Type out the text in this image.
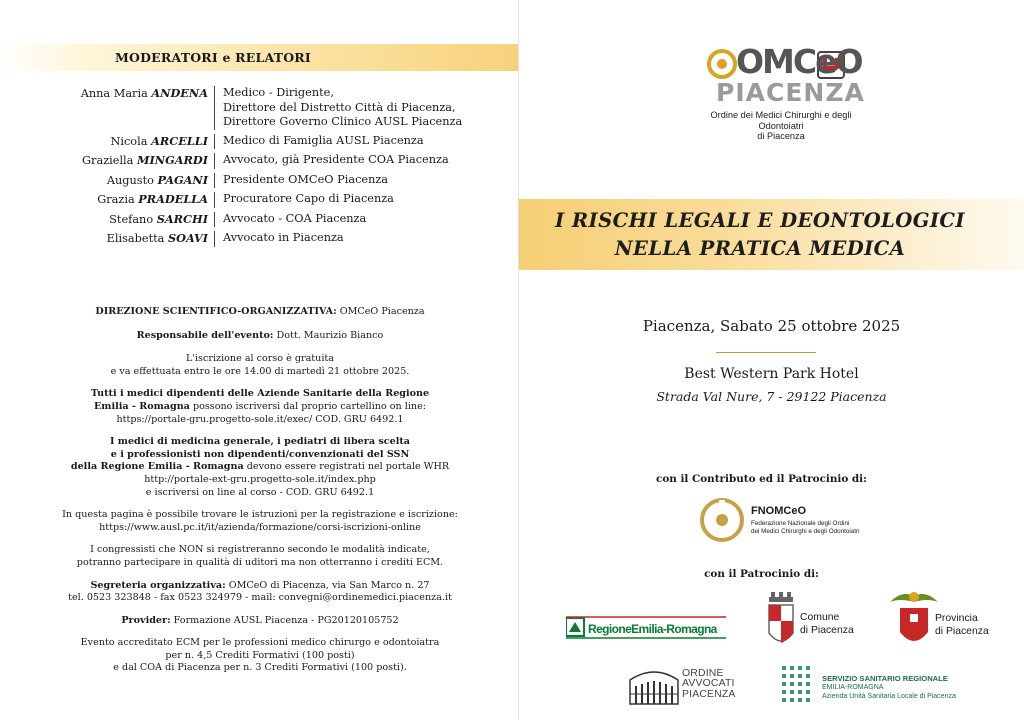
MODERATORI e RELATORI
Anna Maria ANDENA	Medico - Dirigente,
Direttore del Distretto Città di Piacenza,
Direttore Governo Clinico AUSL Piacenza
Nicola ARCELLI	Medico di Famiglia AUSL Piacenza
Graziella MINGARDI	Avvocato, già Presidente COA Piacenza
Augusto PAGANI	Presidente OMCeO Piacenza
Grazia PRADELLA	Procuratore Capo di Piacenza
Stefano SARCHI	Avvocato - COA Piacenza
Elisabetta SOAVI	Avvocato in Piacenza

DIREZIONE SCIENTIFICO-ORGANIZZATIVA: OMCeO Piacenza

Responsabile dell'evento: Dott. Maurizio Bianco

L'iscrizione al corso è gratuita
e va effettuata entro le ore 14.00 di martedì 21 ottobre 2025.

Tutti i medici dipendenti delle Aziende Sanitarie della Regione
Emilia - Romagna possono iscriversi dal proprio cartellino on line:
https://portale-gru.progetto-sole.it/exec/ COD. GRU 6492.1

I medici di medicina generale, i pediatri di libera scelta
e i professionisti non dipendenti/convenzionati del SSN
della Regione Emilia - Romagna devono essere registrati nel portale WHR
http://portale-ext-gru.progetto-sole.it/index.php
e iscriversi on line al corso - COD. GRU 6492.1

In questa pagina è possibile trovare le istruzioni per la registrazione e iscrizione:
https://www.ausl.pc.it/it/azienda/formazione/corsi-iscrizioni-online

I congressisti che NON si registreranno secondo le modalità indicate,
potranno partecipare in qualità di uditori ma non otterranno i crediti ECM.

Segreteria organizzativa: OMCeO di Piacenza, via San Marco n. 27
tel. 0523 323848 - fax 0523 324979 - mail: convegni@ordinemedici.piacenza.it

Provider: Formazione AUSL Piacenza - PG20120105752

Evento accreditato ECM per le professioni medico chirurgo e odontoiatra
per n. 4,5 Crediti Formativi (100 posti)
e dal COA di Piacenza per n. 3 Crediti Formativi (100 posti).

OMCeO
PIACENZA
Ordine dei Medici Chirurghi e degli Odontoiatri
di Piacenza
I RISCHI LEGALI E DEONTOLOGICI
NELLA PRATICA MEDICA
Piacenza, Sabato 25 ottobre 2025
Best Western Park Hotel
Strada Val Nure, 7 - 29122 Piacenza
con il Contributo ed il Patrocinio di:
FNOMCeO
Federazione Nazionale degli Ordini
dei Medici Chirurghi e degli Odontoiatri
con il Patrocinio di:
RegioneEmilia-Romagna
Comune
di Piacenza
Provincia
di Piacenza
ORDINE
AVVOCATI
PIACENZA
SERVIZIO SANITARIO REGIONALE
EMILIA-ROMAGNA
Azienda Unità Sanitaria Locale di Piacenza
